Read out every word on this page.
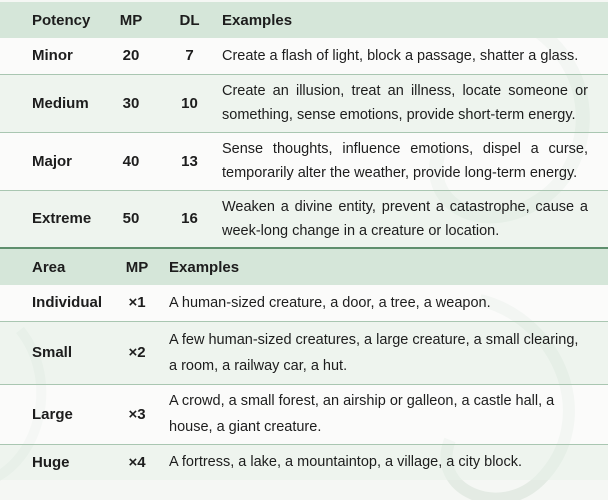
Potency	MP	DL	Examples
Minor	20	7	Create a flash of light, block a passage, shatter a glass.
Medium	30	10	Create an illusion, treat an illness, locate someone or something, sense emotions, provide short-term energy.
Major	40	13	Sense thoughts, influence emotions, dispel a curse, temporarily alter the weather, provide long-term energy.
Extreme	50	16	Weaken a divine entity, prevent a catastrophe, cause a week-long change in a creature or location.
Area	MP	Examples
Individual	×1	A human-sized creature, a door, a tree, a weapon.
Small	×2	A few human-sized creatures, a large creature, a small clearing, a room, a railway car, a hut.
Large	×3	A crowd, a small forest, an airship or galleon, a castle hall, a house, a giant creature.
Huge	×4	A fortress, a lake, a mountaintop, a village, a city block.
